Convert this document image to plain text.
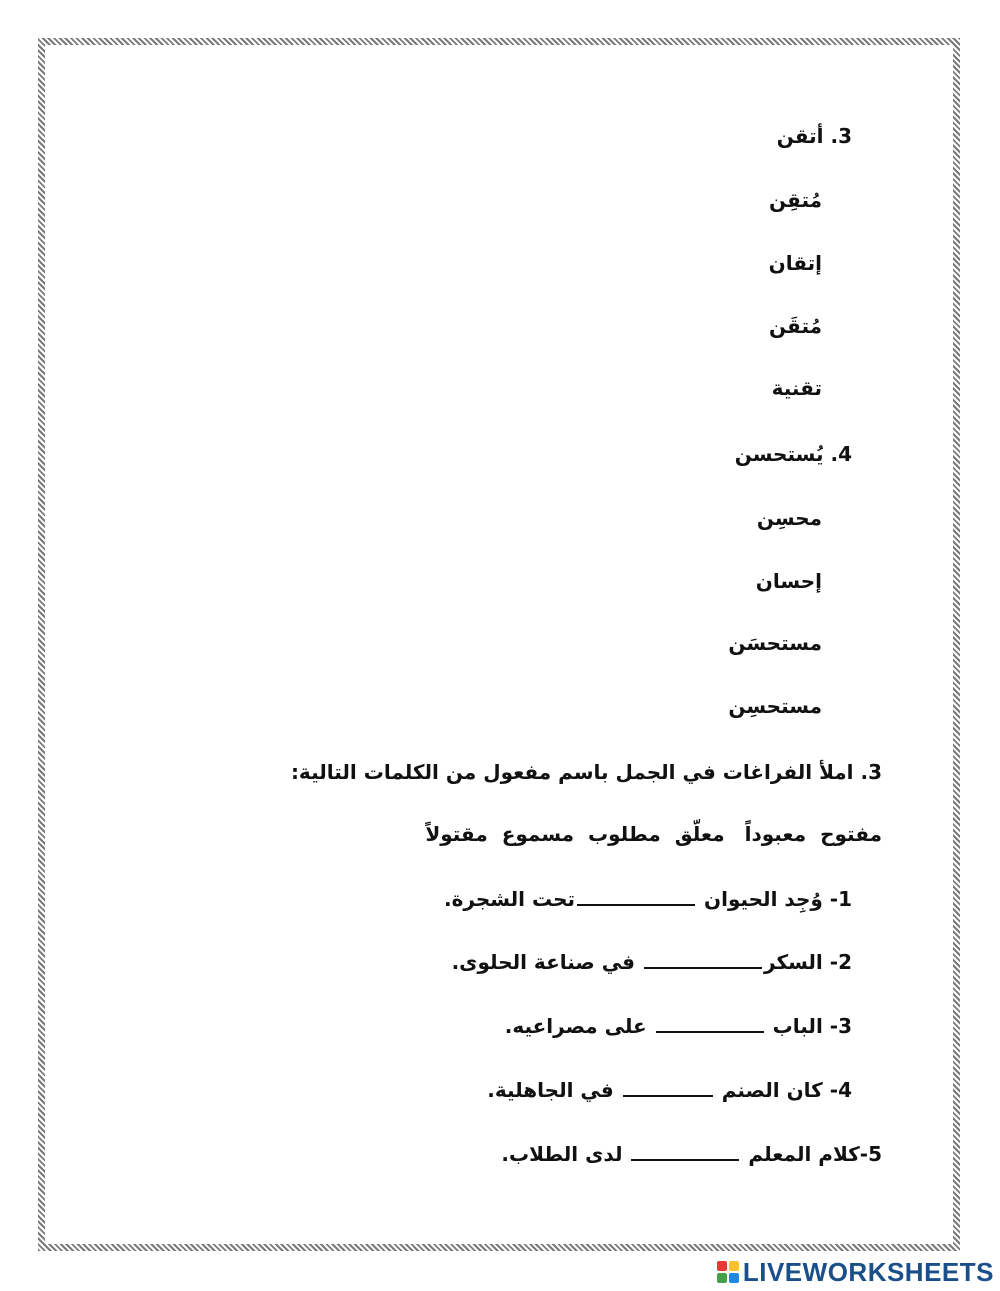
3. أتقن
مُتقِن
إتقان
مُتقَن
تقنية
4. يُستحسن
محسِن
إحسان
مستحسَن
مستحسِن
3. املأ الفراغات في الجمل باسم مفعول من الكلمات التالية:
مفتوح
معبوداً
معلّق
مطلوب
مسموع
مقتولاً
1- وُجِد الحيوان تحت الشجرة.
2- السكر في صناعة الحلوى.
3- الباب  على مصراعيه.
4- كان الصنم  في الجاهلية.
5-كلام المعلم  لدى الطلاب.
LIVEWORKSHEETS
